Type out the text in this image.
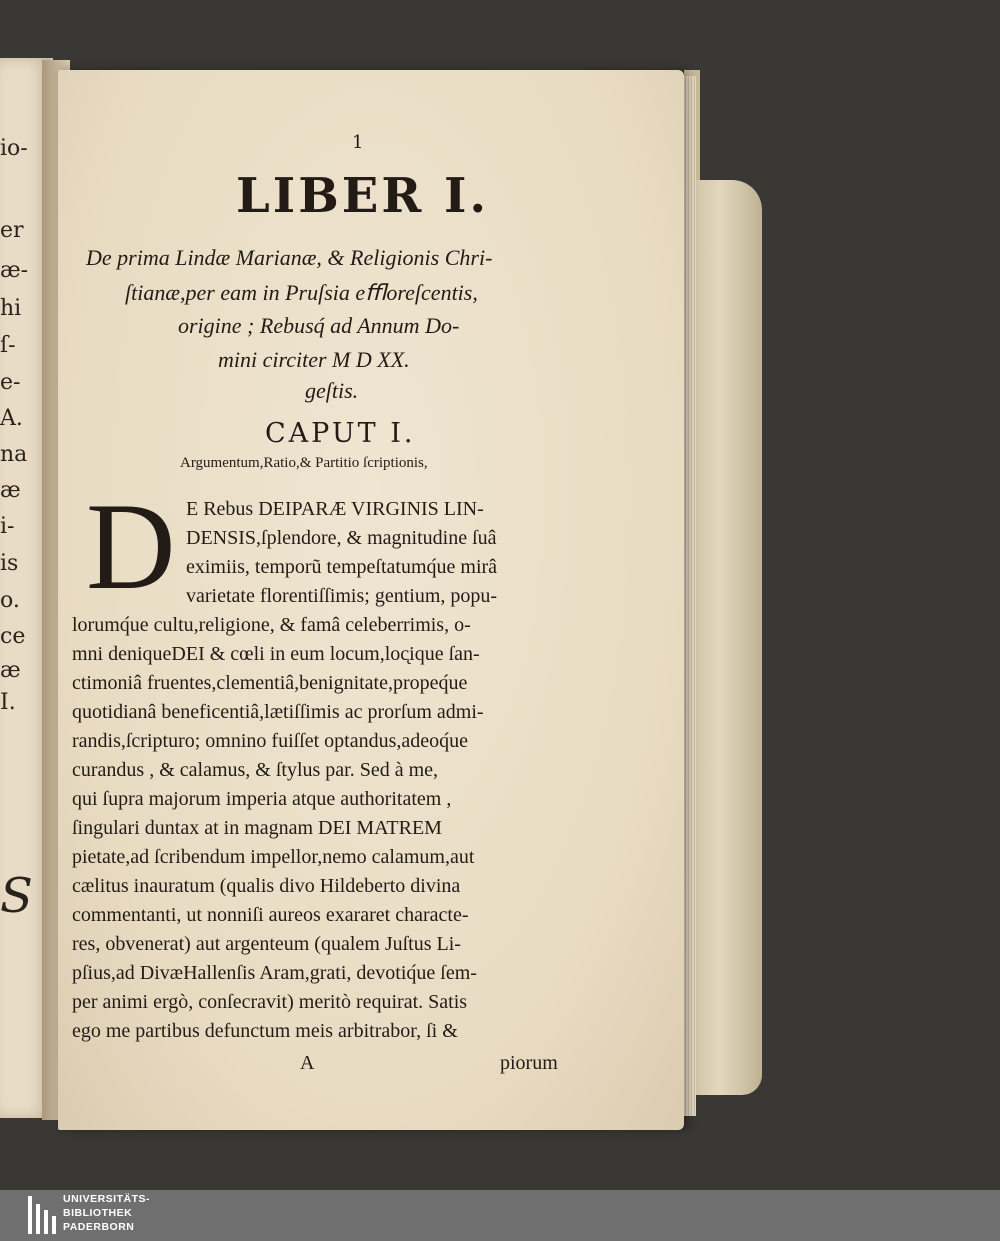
io-
er
æ-
hi
ſ-
e-
A.
na
æ
i-
is
o.
ce
æ
I.
S
1
LIBER I.
De prima Lindæ Marianæ, & Religionis Chri-
ſtianæ,per eam in Pruſsia eﬄoreſcentis,
origine ; Rebusq́ ad Annum Do-
mini circiter M D XX.
geſtis.
CAPUT I.
Argumentum,Ratio,& Partitio ſcriptionis,
D E Rebus DEIPARÆ VIRGINIS LIN-
DENSIS,ſplendore, & magnitudine ſuâ
eximiis, temporũ tempeſtatumq́ue mirâ
varietate florentiſſimis; gentium, popu-
lorumq́ue cultu,religione, & famâ celeberrimis, o-
mni deniqueDEI & cœli in eum locum,loc̨ique ſan-
ctimoniâ fruentes,clementiâ,benignitate,propeq́ue
quotidianâ beneficentiâ,lætiſſimis ac prorſum admi-
randis,ſcripturo; omnino fuiſſet optandus,adeoq́ue
curandus , & calamus, & ſtylus par. Sed à me,
qui ſupra majorum imperia atque authoritatem ,
ſingulari duntax at in magnam DEI MATREM
pietate,ad ſcribendum impellor,nemo calamum,aut
cælitus inauratum (qualis divo Hildeberto divina
commentanti, ut nonniſi aureos exararet characte-
res, obvenerat) aut argenteum (qualem Juſtus Li-
pſius,ad DivæHallenſis Aram,grati, devotiq́ue ſem-
per animi ergò, conſecravit) meritò requirat. Satis
ego me partibus defunctum meis arbitrabor, ſi &
A	piorum
UNIVERSITÄTS-
BIBLIOTHEK
PADERBORN
